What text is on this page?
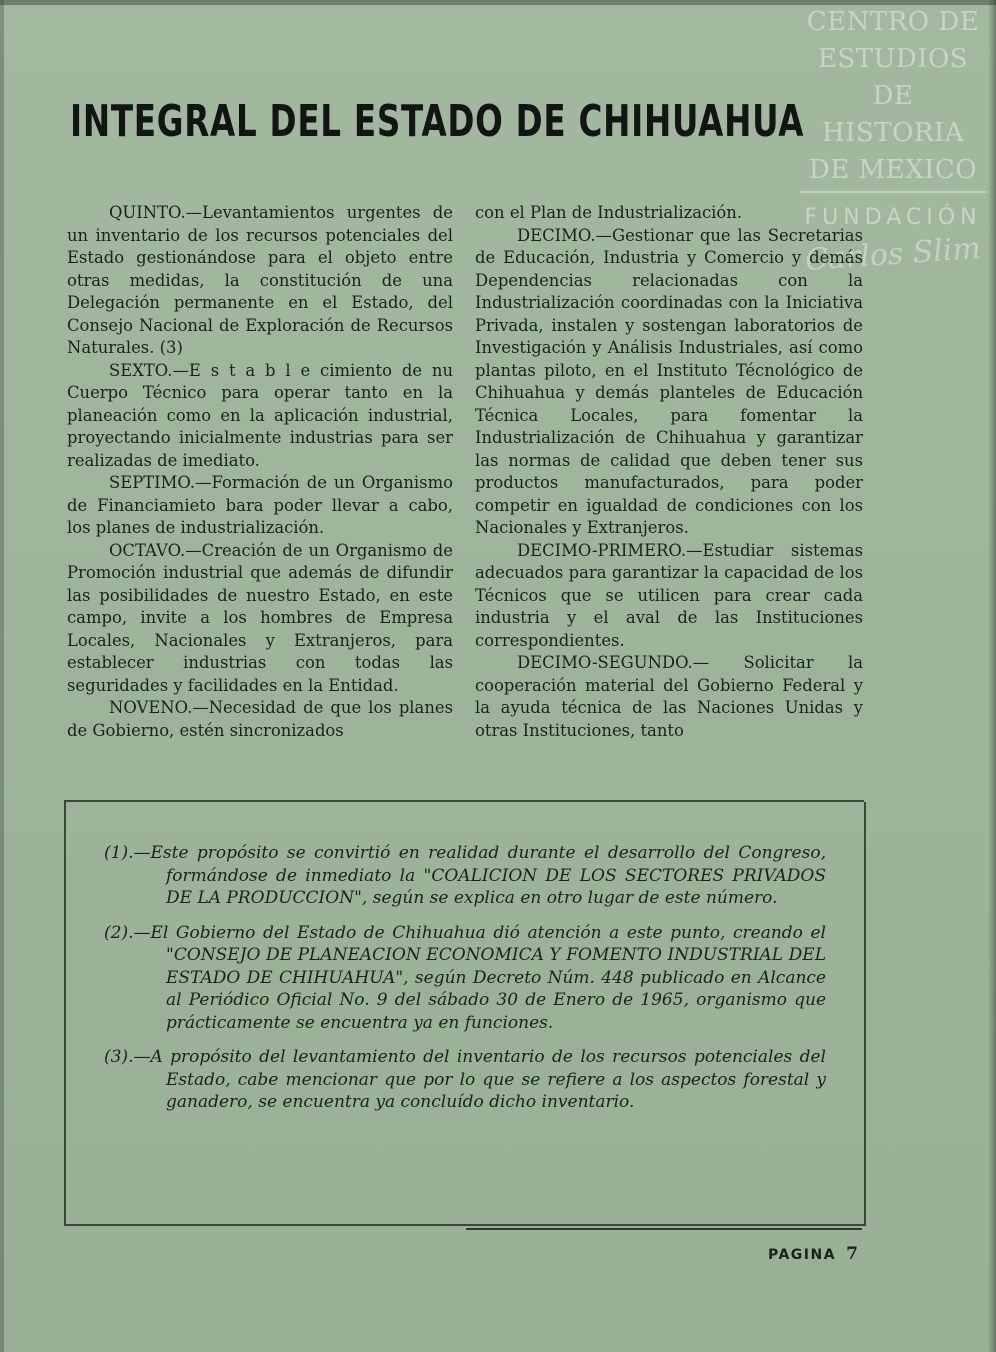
CENTRO DE
ESTUDIOS
DE HISTORIA
DE MEXICO
FUNDACIÓN
Carlos Slim
INTEGRAL DEL ESTADO DE CHIHUAHUA

QUINTO.—Levantamientos urgentes de un inventario de los recursos potenciales del Estado gestionándose para el objeto entre otras medidas, la constitución de una Delegación permanente en el Estado, del Consejo Nacional de Exploración de Recursos Naturales. (3)

SEXTO.—E s t a b l e cimiento de nu Cuerpo Técnico para operar tanto en la planeación como en la aplicación industrial, proyectando inicialmente industrias para ser realizadas de imediato.

SEPTIMO.—Formación de un Organismo de Financiamieto bara poder llevar a cabo, los planes de industrialización.

OCTAVO.—Creación de un Organismo de Promoción industrial que además de difundir las posibilidades de nuestro Estado, en este campo, invite a los hombres de Empresa Locales, Nacionales y Extranjeros, para establecer industrias con todas las seguridades y facilidades en la Entidad.

NOVENO.—Necesidad de que los planes de Gobierno, estén sincronizados

con el Plan de Industrialización.

DECIMO.—Gestionar que las Secretarias de Educación, Industria y Comercio y demás Dependencias relacionadas con la Industrialización coordinadas con la Iniciativa Privada, instalen y sostengan laboratorios de Investigación y Análisis Industriales, así como plantas piloto, en el Instituto Técnológico de Chihuahua y demás planteles de Educación Técnica Locales, para fomentar la Industrialización de Chihuahua y garantizar las normas de calidad que deben tener sus productos manufacturados, para poder competir en igualdad de condiciones con los Nacionales y Extranjeros.

DECIMO-PRIMERO.—Estudiar sistemas adecuados para garantizar la capacidad de los Técnicos que se utilicen para crear cada industria y el aval de las Instituciones correspondientes.

DECIMO-SEGUNDO.— Solicitar la cooperación material del Gobierno Federal y la ayuda técnica de las Naciones Unidas y otras Instituciones, tanto

(1).—Este propósito se convirtió en realidad durante el desarrollo del Congreso, formándose de inmediato la "COALICION DE LOS SECTORES PRIVADOS DE LA PRODUCCION", según se explica en otro lugar de este número.

(2).—El Gobierno del Estado de Chihuahua dió atención a este punto, creando el "CONSEJO DE PLANEACION ECONOMICA Y FOMENTO INDUSTRIAL DEL ESTADO DE CHIHUAHUA", según Decreto Núm. 448 publicado en Alcance al Periódico Oficial No. 9 del sábado 30 de Enero de 1965, organismo que prácticamente se encuentra ya en funciones.

(3).—A propósito del levantamiento del inventario de los recursos potenciales del Estado, cabe mencionar que por lo que se refiere a los aspectos forestal y ganadero, se encuentra ya concluído dicho inventario.

PAGINA 7
